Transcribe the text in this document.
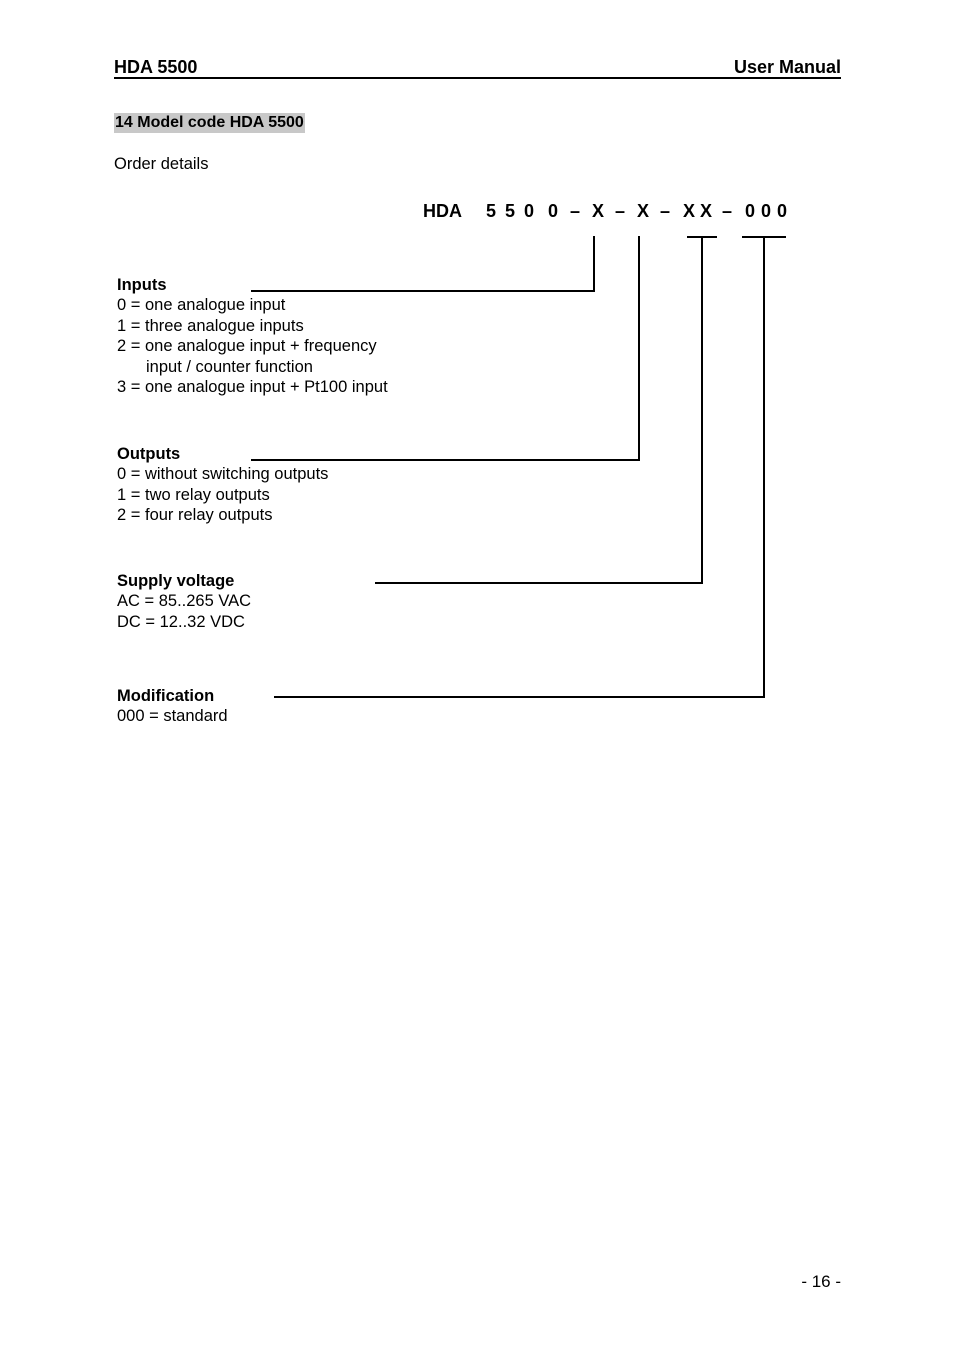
HDA 5500	User Manual
14 Model code HDA 5500
Order details
HDA 5 5 0 0 – X – X – X X – 0 0 0
Inputs
0 = one analogue input
1 = three analogue inputs
2 = one analogue input + frequency
input / counter function
3 = one analogue input + Pt100 input
Outputs
0 = without switching outputs
1 = two relay outputs
2 = four relay outputs
Supply voltage
AC = 85..265 VAC
DC = 12..32 VDC
Modification
000 = standard
- 16 -
